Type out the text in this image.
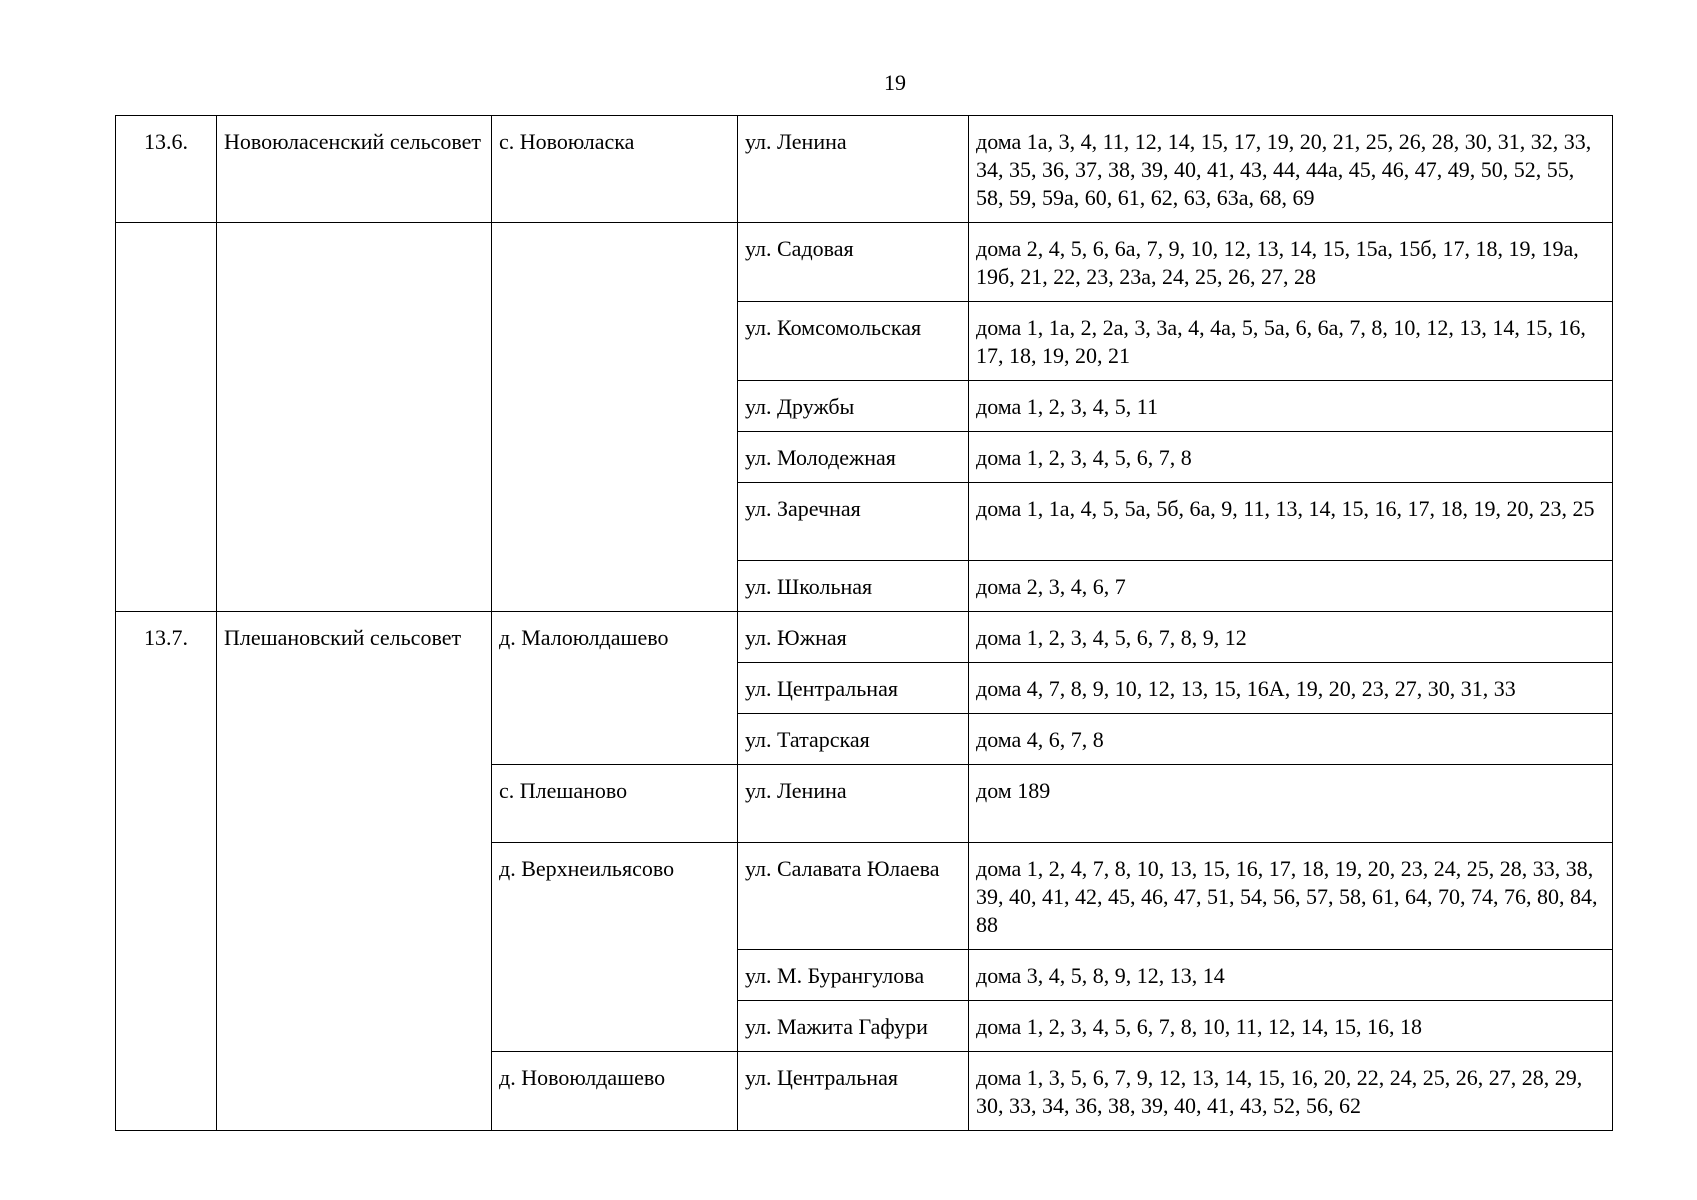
19
13.6.	Новоюласенский сельсовет	с. Новоюласка	ул. Ленина	дома 1а, 3, 4, 11, 12, 14, 15, 17, 19, 20, 21, 25, 26, 28, 30, 31, 32, 33, 34, 35, 36, 37, 38, 39, 40, 41, 43, 44, 44а, 45, 46, 47, 49, 50, 52, 55, 58, 59, 59а, 60, 61, 62, 63, 63а, 68, 69
			ул. Садовая	дома 2, 4, 5, 6, 6а, 7, 9, 10, 12, 13, 14, 15, 15а, 15б, 17, 18, 19, 19а, 19б, 21, 22, 23, 23а, 24, 25, 26, 27, 28
			ул. Комсомольская	дома 1, 1а, 2, 2а, 3, 3а, 4, 4а, 5, 5а, 6, 6а, 7, 8, 10, 12, 13, 14, 15, 16, 17, 18, 19, 20, 21
			ул. Дружбы	дома 1, 2, 3, 4, 5, 11
			ул. Молодежная	дома 1, 2, 3, 4, 5, 6, 7, 8
			ул. Заречная	дома 1, 1а, 4, 5, 5а, 5б, 6а, 9, 11, 13, 14, 15, 16, 17, 18, 19, 20, 23, 25
			ул. Школьная	дома 2, 3, 4, 6, 7
13.7.	Плешановский сельсовет	д. Малоюлдашево	ул. Южная	дома 1, 2, 3, 4, 5, 6, 7, 8, 9, 12
			ул. Центральная	дома 4, 7, 8, 9, 10, 12, 13, 15, 16А, 19, 20, 23, 27, 30, 31, 33
			ул. Татарская	дома 4, 6, 7, 8
		с. Плешаново	ул. Ленина	дом 189
		д. Верхнеильясово	ул. Салавата Юлаева	дома 1, 2, 4, 7, 8, 10, 13, 15, 16, 17, 18, 19, 20, 23, 24, 25, 28, 33, 38, 39, 40, 41, 42, 45, 46, 47, 51, 54, 56, 57, 58, 61, 64, 70, 74, 76, 80, 84, 88
			ул. М. Бурангулова	дома 3, 4, 5, 8, 9, 12, 13, 14
			ул. Мажита Гафури	дома 1, 2, 3, 4, 5, 6, 7, 8, 10, 11, 12, 14, 15, 16, 18
		д. Новоюлдашево	ул. Центральная	дома 1, 3, 5, 6, 7, 9, 12, 13, 14, 15, 16, 20, 22, 24, 25, 26, 27, 28, 29, 30, 33, 34, 36, 38, 39, 40, 41, 43, 52, 56, 62
